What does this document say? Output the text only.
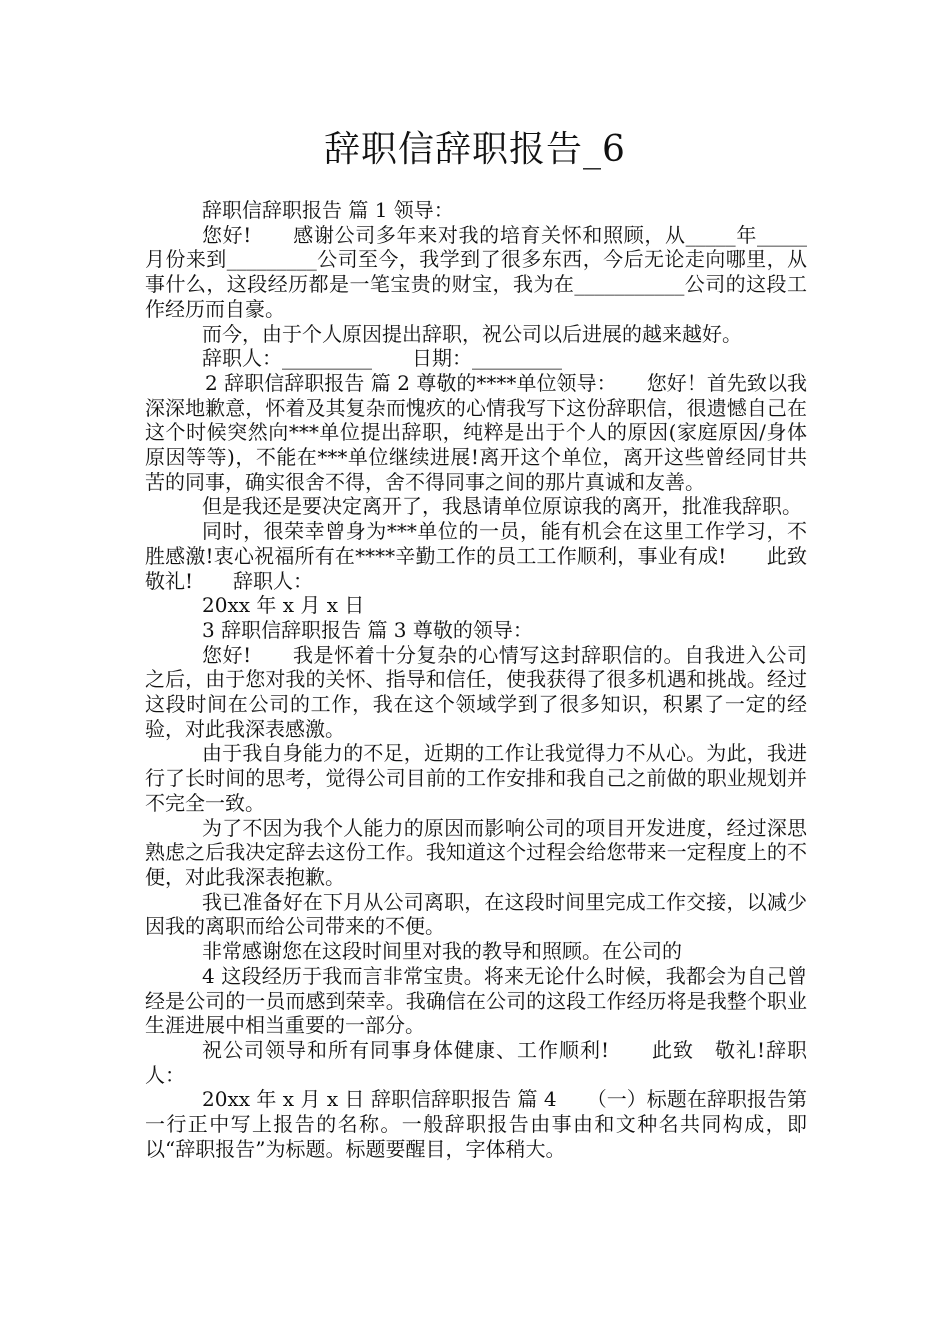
辞职信辞职报告_6

辞职信辞职报告 篇 1 领导：

您好!　　感谢公司多年来对我的培育关怀和照顾，从_____年_____月份来到_________公司至今，我学到了很多东西，今后无论走向哪里，从事什么，这段经历都是一笔宝贵的财宝，我为在___________公司的这段工作经历而自豪。

而今，由于个人原因提出辞职，祝公司以后进展的越来越好。

辞职人：_________　　日期：_________

2 辞职信辞职报告 篇 2 尊敬的****单位领导：　　您好！首先致以我深深地歉意，怀着及其复杂而愧疚的心情我写下这份辞职信，很遗憾自己在这个时候突然向***单位提出辞职，纯粹是出于个人的原因(家庭原因/身体原因等等)，不能在***单位继续进展!离开这个单位，离开这些曾经同甘共苦的同事，确实很舍不得，舍不得同事之间的那片真诚和友善。

但是我还是要决定离开了，我恳请单位原谅我的离开，批准我辞职。

同时，很荣幸曾身为***单位的一员，能有机会在这里工作学习，不胜感激!衷心祝福所有在****辛勤工作的员工工作顺利，事业有成!　　此致　敬礼!　　辞职人：

20xx 年 x 月 x 日

3 辞职信辞职报告 篇 3 尊敬的领导：

您好!　　我是怀着十分复杂的心情写这封辞职信的。自我进入公司之后，由于您对我的关怀、指导和信任，使我获得了很多机遇和挑战。经过这段时间在公司的工作，我在这个领域学到了很多知识，积累了一定的经验，对此我深表感激。

由于我自身能力的不足，近期的工作让我觉得力不从心。为此，我进行了长时间的思考，觉得公司目前的工作安排和我自己之前做的职业规划并不完全一致。

为了不因为我个人能力的原因而影响公司的项目开发进度，经过深思熟虑之后我决定辞去这份工作。我知道这个过程会给您带来一定程度上的不便，对此我深表抱歉。

我已准备好在下月从公司离职，在这段时间里完成工作交接，以减少因我的离职而给公司带来的不便。

非常感谢您在这段时间里对我的教导和照顾。在公司的

4 这段经历于我而言非常宝贵。将来无论什么时候，我都会为自己曾经是公司的一员而感到荣幸。我确信在公司的这段工作经历将是我整个职业生涯进展中相当重要的一部分。

祝公司领导和所有同事身体健康、工作顺利!　　此致　敬礼!辞职人：

20xx 年 x 月 x 日 辞职信辞职报告 篇 4　　（一）标题在辞职报告第一行正中写上报告的名称。一般辞职报告由事由和文种名共同构成，即以“辞职报告”为标题。标题要醒目，字体稍大。
